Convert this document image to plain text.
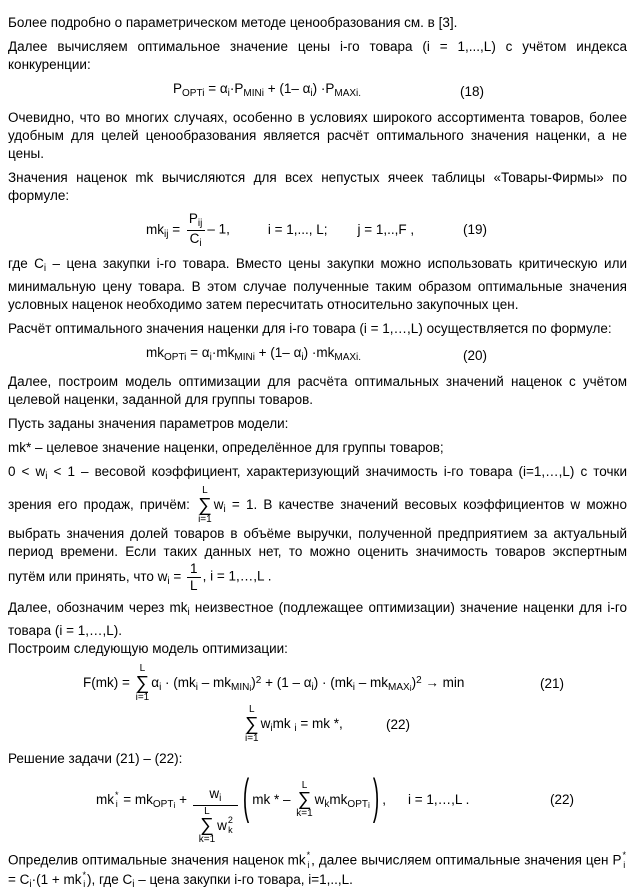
Более подробно о параметрическом методе ценообразования см. в [3].

Далее вычисляем оптимальное значение цены i-го товара (i = 1,...,L) с учётом индекса конкуренции:

$P_{OPTi} = \alpha_i\cdot P_{MINi} + (1-$ $\alpha_i) \cdot P_{MAXi.}$	(18)

Очевидно, что во многих случаях, особенно в условиях широкого ассортимента товаров, более удобным для целей ценообразования является расчёт оптимального значения наценки, а не цены.

Значения наценок mk вычисляются для всех непустых ячеек таблицы «Товары-Фирмы» по формуле:

$mk_{ij} = \frac{P_{ij}}{C_i} - 1$,	i = 1,..., L; j = 1,..,F ,	(19)

где $C_i$ – цена закупки i-го товара. Вместо цены закупки можно использовать критическую или минимальную цену товара. В этом случае полученные таким образом оптимальные значения условных наценок необходимо затем пересчитать относительно закупочных цен.

Расчёт оптимального значения наценки для i-го товара (i = 1,…,L) осуществляется по формуле:

$mk_{OPTi} = \alpha_i\cdot mk_{MINi} + (1-$ $\alpha_i) \cdot mk_{MAXi.}$	(20)

Далее, построим модель оптимизации для расчёта оптимальных значений наценок с учётом целевой наценки, заданной для группы товаров.

Пусть заданы значения параметров модели:

mk* – целевое значение наценки, определённое для группы товаров;

$0 < w_i < 1$ – весовой коэффициент, характеризующий значимость i-го товара (i=1,…,L) с точки зрения его продаж, причём:
L
∑
i=1
$w_i = 1$. В качестве значений весовых коэффициентов w можно выбрать значения долей товаров в объёме выручки, полученной предприятием за актуальный период времени. Если таких данных нет, то можно оценить значимость товаров экспертным путём или принять, что $w_i = \frac{1}{L}$ , i = 1,…,L .

Далее, обозначим через $mk_i$ неизвестное (подлежащее оптимизации) значение наценки для i-го товара (i = 1,…,L).

Построим следующую модель оптимизации:

F(mk) =
L
∑
i=1
$\alpha_i \cdot (mk_i - mk_{MINi})^2 + (1 - \alpha_i) \cdot (mk_i - mk_{MAXi})^2 \to \min$	(21)
L
∑
i=1
$w_imk$ $_i$ = mk *,	(22)

Решение задачи (21) – (22):

mk *
$i = mk_{OPTi} + w_i$
L
∑
k=1
w 2
k ( mk * –
L
∑
k=1
$w_kmk_{OPTi}$ ) , i = 1,…,L .	(22)

Определив оптимальные значения наценок mk *
i , далее вычисляем оптимальные значения цен P *
i
= $C_i\cdot(1$ + mk *
i ), где $C_i$ – цена закупки i-го товара, i=1,..,L.
